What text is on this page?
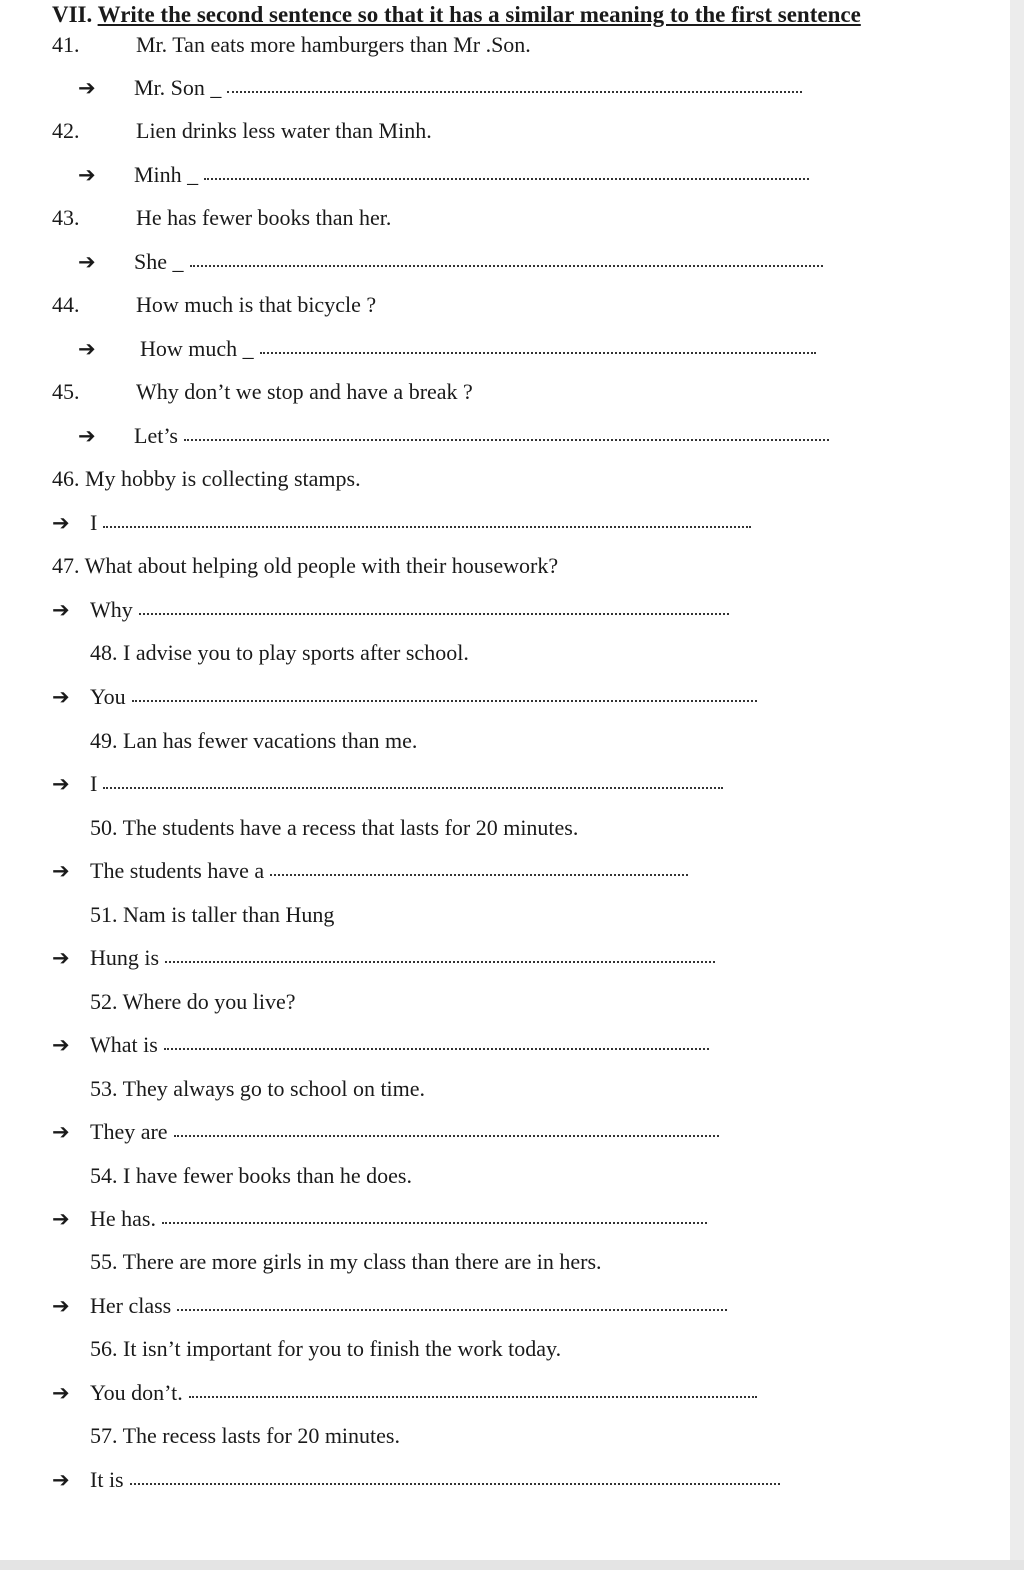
VII. Write the second sentence so that it has a similar meaning to the first sentence
41.	Mr. Tan eats more hamburgers than Mr .Son.
➔	Mr. Son _
42.	Lien drinks less water than Minh.
➔	Minh _
43.	He has fewer books than her.
➔	She _
44.	How much is that bicycle ?
➔	How much _
45.	Why don’t we stop and have a break ?
➔	Let’s
46. My hobby is collecting stamps.
➔ I
47. What about helping old people with their housework?
➔ Why
48. I advise you to play sports after school.
➔ You
49. Lan has fewer vacations than me.
➔ I
50. The students have a recess that lasts for 20 minutes.
➔ The students have a
51. Nam is taller than Hung
➔ Hung is
52. Where do you live?
➔ What is
53. They always go to school on time.
➔ They are
54. I have fewer books than he does.
➔ He has.
55. There are more girls in my class than there are in hers.
➔ Her class
56. It isn’t important for you to finish the work today.
➔ You don’t.
57. The recess lasts for 20 minutes.
➔ It is
